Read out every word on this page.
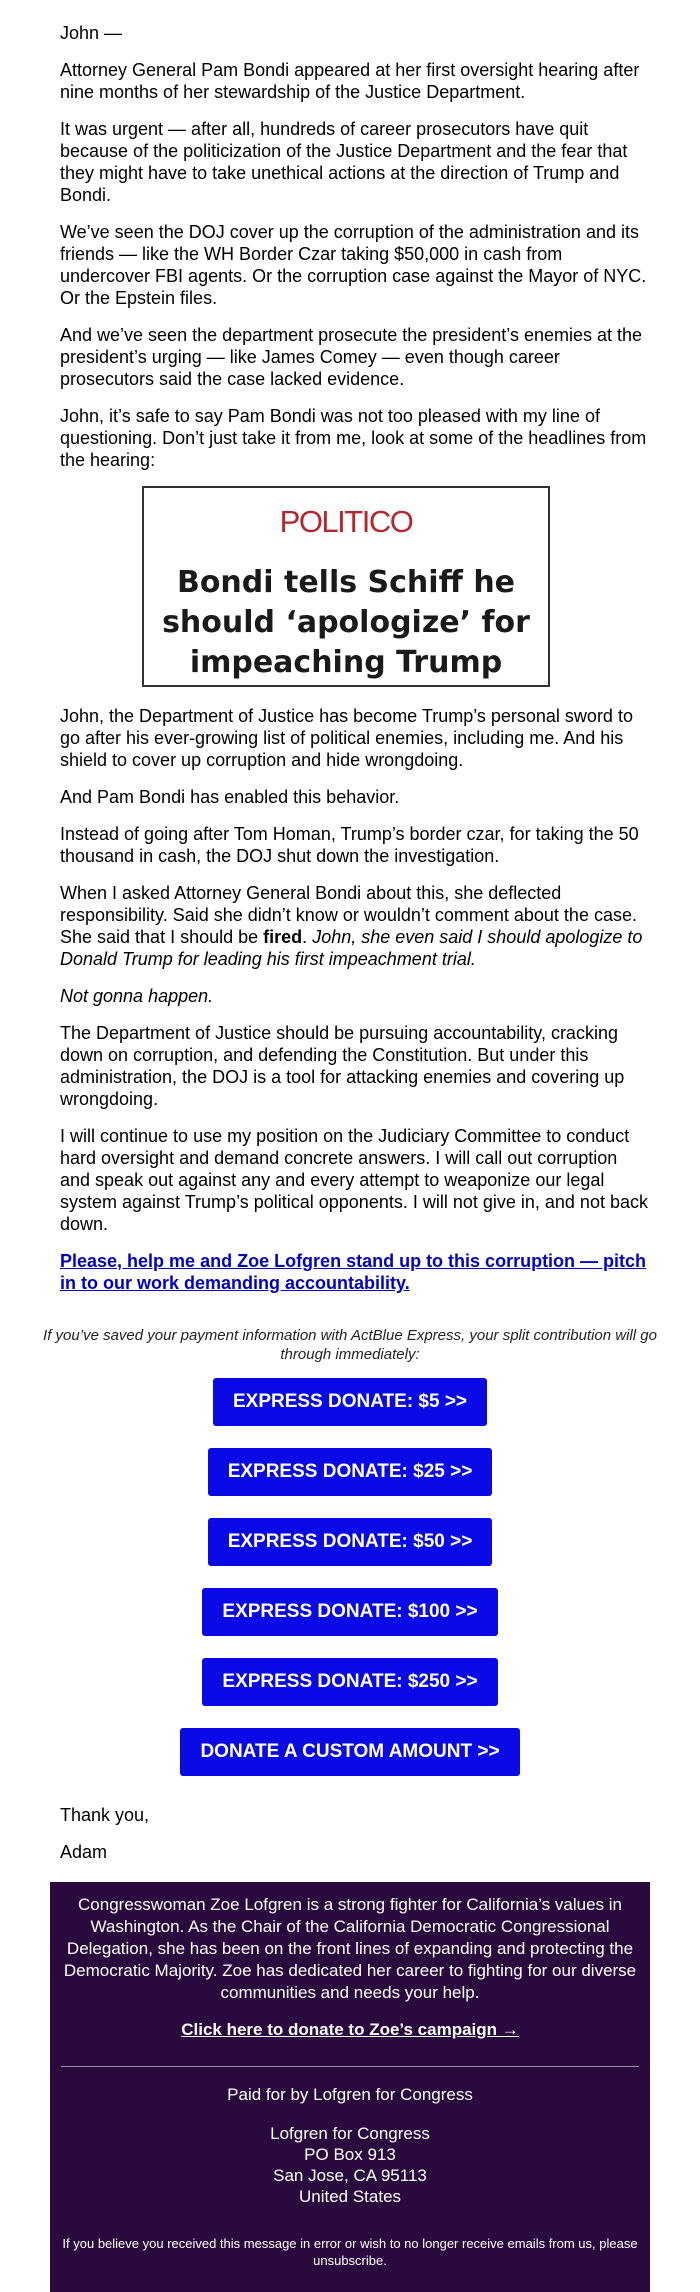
John —

Attorney General Pam Bondi appeared at her first oversight hearing after nine months of her stewardship of the Justice Department.

It was urgent — after all, hundreds of career prosecutors have quit because of the politicization of the Justice Department and the fear that they might have to take unethical actions at the direction of Trump and Bondi.

We’ve seen the DOJ cover up the corruption of the administration and its friends — like the WH Border Czar taking $50,000 in cash from undercover FBI agents. Or the corruption case against the Mayor of NYC. Or the Epstein files.

And we’ve seen the department prosecute the president’s enemies at the president’s urging — like James Comey — even though career prosecutors said the case lacked evidence.

John, it’s safe to say Pam Bondi was not too pleased with my line of questioning. Don’t just take it from me, look at some of the headlines from the hearing:

POLITICO
Bondi tells Schiff he should ‘apologize’ for impeaching Trump

John, the Department of Justice has become Trump’s personal sword to go after his ever-growing list of political enemies, including me. And his shield to cover up corruption and hide wrongdoing.

And Pam Bondi has enabled this behavior.

Instead of going after Tom Homan, Trump’s border czar, for taking the 50 thousand in cash, the DOJ shut down the investigation.

When I asked Attorney General Bondi about this, she deflected responsibility. Said she didn’t know or wouldn’t comment about the case. She said that I should be fired. John, she even said I should apologize to Donald Trump for leading his first impeachment trial.

Not gonna happen.

The Department of Justice should be pursuing accountability, cracking down on corruption, and defending the Constitution. But under this administration, the DOJ is a tool for attacking enemies and covering up wrongdoing.

I will continue to use my position on the Judiciary Committee to conduct hard oversight and demand concrete answers. I will call out corruption and speak out against any and every attempt to weaponize our legal system against Trump’s political opponents. I will not give in, and not back down.

Please, help me and Zoe Lofgren stand up to this corruption — pitch in to our work demanding accountability.

If you’ve saved your payment information with ActBlue Express, your split contribution will go through immediately:
EXPRESS DONATE: $5 >>
EXPRESS DONATE: $25 >>
EXPRESS DONATE: $50 >>
EXPRESS DONATE: $100 >>
EXPRESS DONATE: $250 >>
DONATE A CUSTOM AMOUNT >>

Thank you,

Adam

Congresswoman Zoe Lofgren is a strong fighter for California’s values in Washington. As the Chair of the California Democratic Congressional Delegation, she has been on the front lines of expanding and protecting the Democratic Majority. Zoe has dedicated her career to fighting for our diverse communities and needs your help.

Click here to donate to Zoe’s campaign →
Paid for by Lofgren for Congress
Lofgren for Congress
PO Box 913
San Jose, CA 95113
United States
If you believe you received this message in error or wish to no longer receive emails from us, please unsubscribe.
